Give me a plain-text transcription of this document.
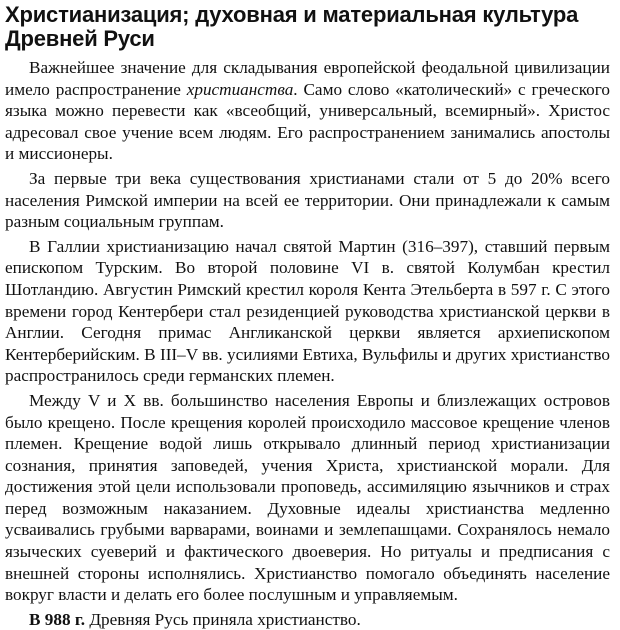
Христианизация; духовная и материальная культура Древней Руси

Важнейшее значение для складывания европейской феодальной цивилизации имело распространение христианства. Само слово «католический» с греческого языка можно перевести как «всеобщий, универсальный, всемирный». Христос адресовал свое учение всем людям. Его распространением занимались апостолы и миссионеры.

За первые три века существования христианами стали от 5 до 20% всего населения Римской империи на всей ее территории. Они принадлежали к самым разным социальным группам.

В Галлии христианизацию начал святой Мартин (316–397), ставший первым епископом Турским. Во второй половине VI в. святой Колумбан крестил Шотландию. Августин Римский крестил короля Кента Этельберта в 597 г. С этого времени город Кентербери стал резиденцией руководства христианской церкви в Англии. Сегодня примас Англиканской церкви является архиепископом Кентерберийским. В III–V вв. усилиями Евтиха, Вульфилы и других христианство распространилось среди германских племен.

Между V и X вв. большинство населения Европы и близлежащих островов было крещено. После крещения королей происходило массовое крещение членов племен. Крещение водой лишь открывало длинный период христианизации сознания, принятия заповедей, учения Христа, христианской морали. Для достижения этой цели использовали проповедь, ассимиляцию язычников и страх перед возможным наказанием. Духовные идеалы христианства медленно усваивались грубыми варварами, воинами и землепашцами. Сохранялось немало языческих суеверий и фактического двоеверия. Но ритуалы и предписания с внешней стороны исполнялись. Христианство помогало объединять население вокруг власти и делать его более послушным и управляемым.

В 988 г. Древняя Русь приняла христианство.
